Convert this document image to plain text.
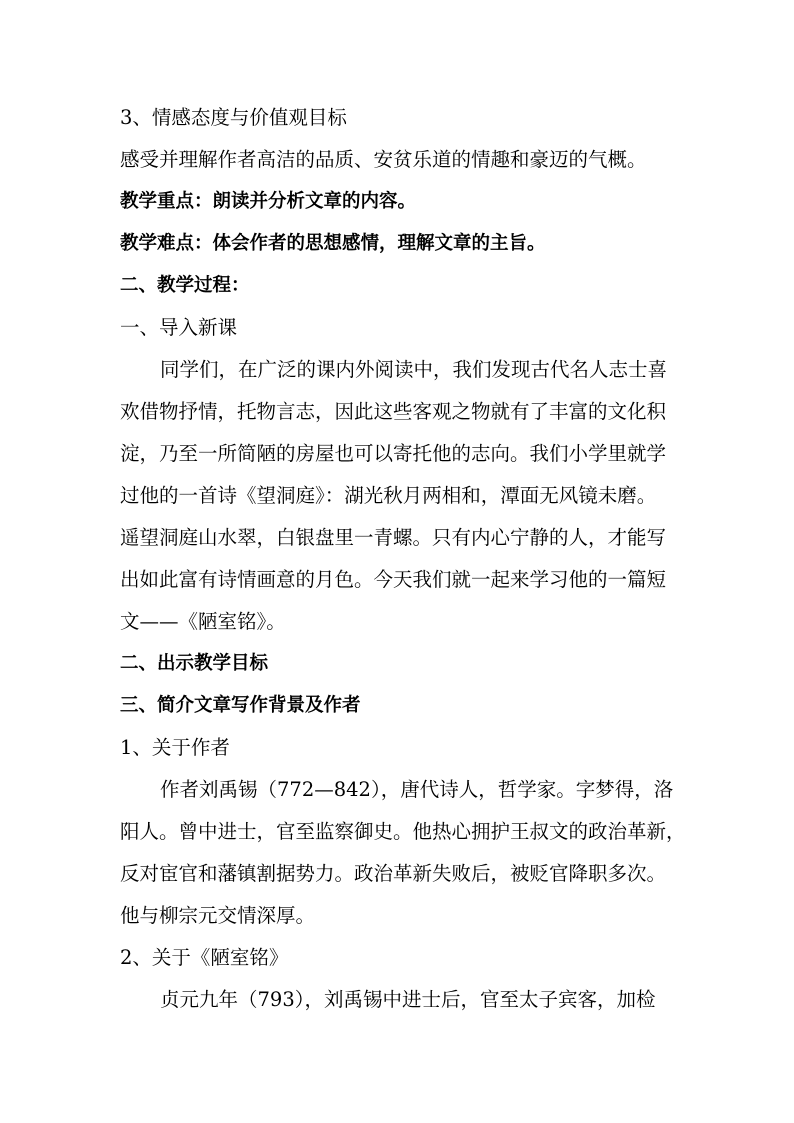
3、情感态度与价值观目标
感受并理解作者高洁的品质、安贫乐道的情趣和豪迈的气概。
教学重点：朗读并分析文章的内容。
教学难点：体会作者的思想感情，理解文章的主旨。
二、教学过程：
一、导入新课
同学们，在广泛的课内外阅读中，我们发现古代名人志士喜
欢借物抒情，托物言志，因此这些客观之物就有了丰富的文化积
淀，乃至一所简陋的房屋也可以寄托他的志向。我们小学里就学
过他的一首诗《望洞庭》：湖光秋月两相和，潭面无风镜未磨。
遥望洞庭山水翠，白银盘里一青螺。只有内心宁静的人，才能写
出如此富有诗情画意的月色。今天我们就一起来学习他的一篇短
文——《陋室铭》。
二、出示教学目标
三、简介文章写作背景及作者
1、关于作者
作者刘禹锡（772—842），唐代诗人，哲学家。字梦得，洛
阳人。曾中进士，官至监察御史。他热心拥护王叔文的政治革新，
反对宦官和藩镇割据势力。政治革新失败后，被贬官降职多次。
他与柳宗元交情深厚。
2、关于《陋室铭》
贞元九年（793），刘禹锡中进士后，官至太子宾客，加检
